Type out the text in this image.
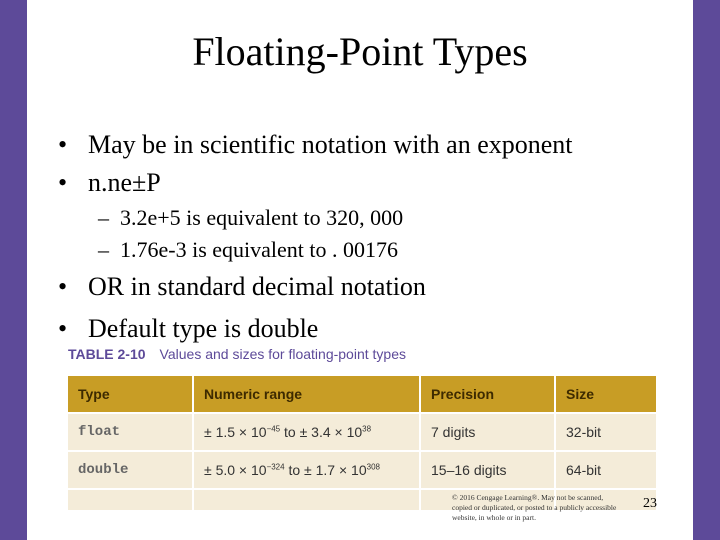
Floating-Point Types
• May be in scientific notation with an exponent
• n.ne±P
– 3.2e+5 is equivalent to 320, 000
– 1.76e-3 is equivalent to . 00176
• OR in standard decimal notation
• Default type is double
TABLE 2-10 Values and sizes for floating-point types
Type	Numeric range	Precision	Size
float	± $1.5 \times 10^{-45}$ to ± $3.4 \times 10^{38}$	7 digits	32-bit
double	± $5.0 \times 10^{-324}$ to ± $1.7 \times 10^{308}$	15–16 digits	64-bit

© 2016 Cengage Learning®. May not be scanned, copied or duplicated, or posted to a publicly accessible website, in whole or in part.
23
